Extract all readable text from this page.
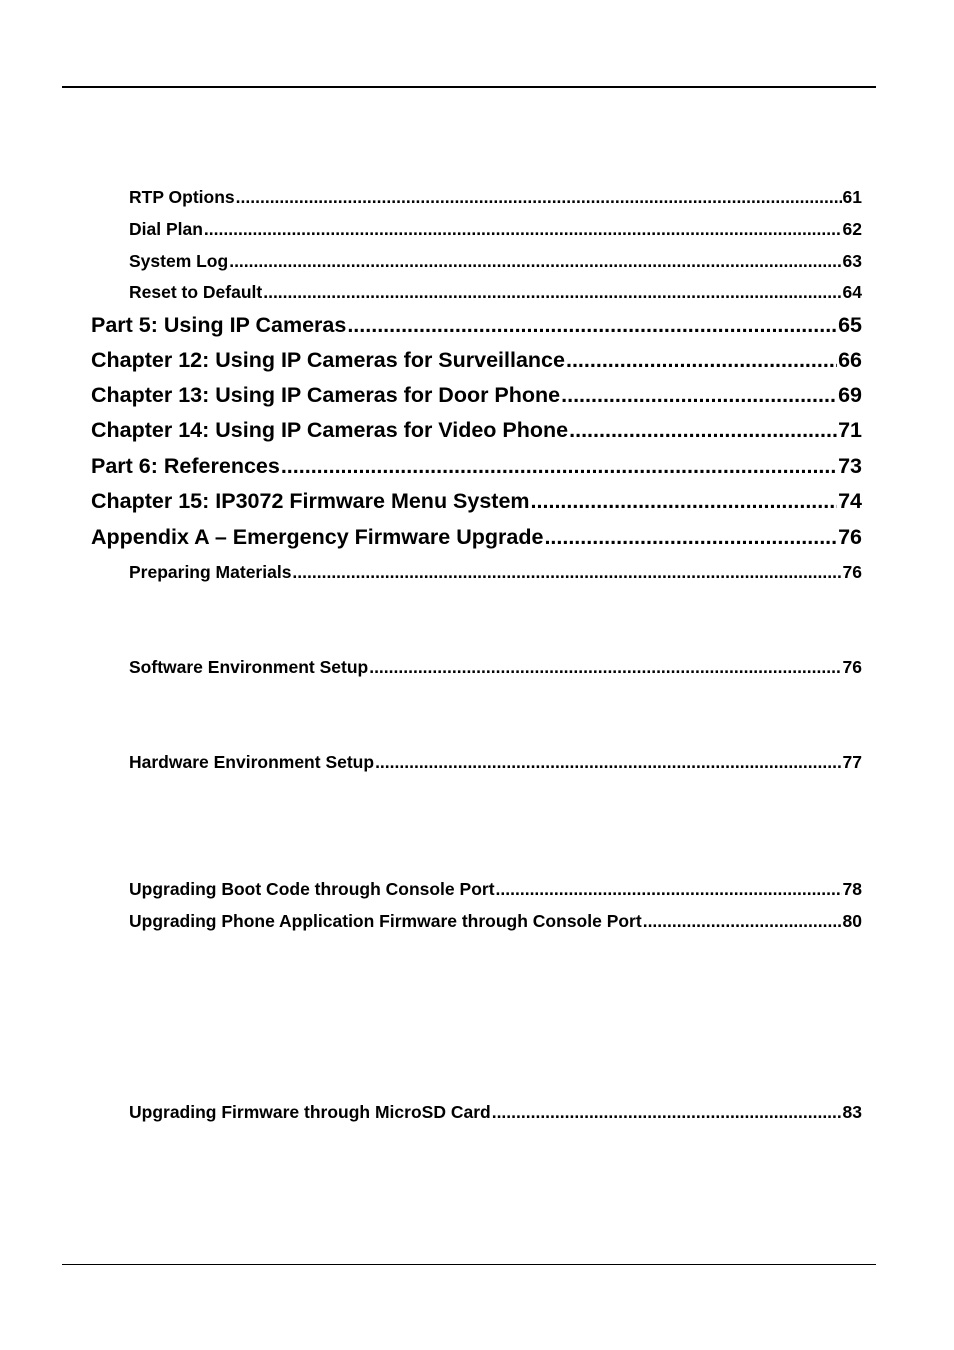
RTP Options .....	61
Dial Plan .....	62
System Log .....	63
Reset to Default .....	64
Part 5: Using IP Cameras .....	65
Chapter 12: Using IP Cameras for Surveillance .....	66
Chapter 13: Using IP Cameras for Door Phone .....	69
Chapter 14: Using IP Cameras for Video Phone .....	71
Part 6: References .....	73
Chapter 15: IP3072 Firmware Menu System .....	74
Appendix A – Emergency Firmware Upgrade .....	76
Preparing Materials .....	76
Software Environment Setup .....	76
Hardware Environment Setup .....	77
Upgrading Boot Code through Console Port .....	78
Upgrading Phone Application Firmware through Console Port .....	80
Upgrading Firmware through MicroSD Card .....	83
